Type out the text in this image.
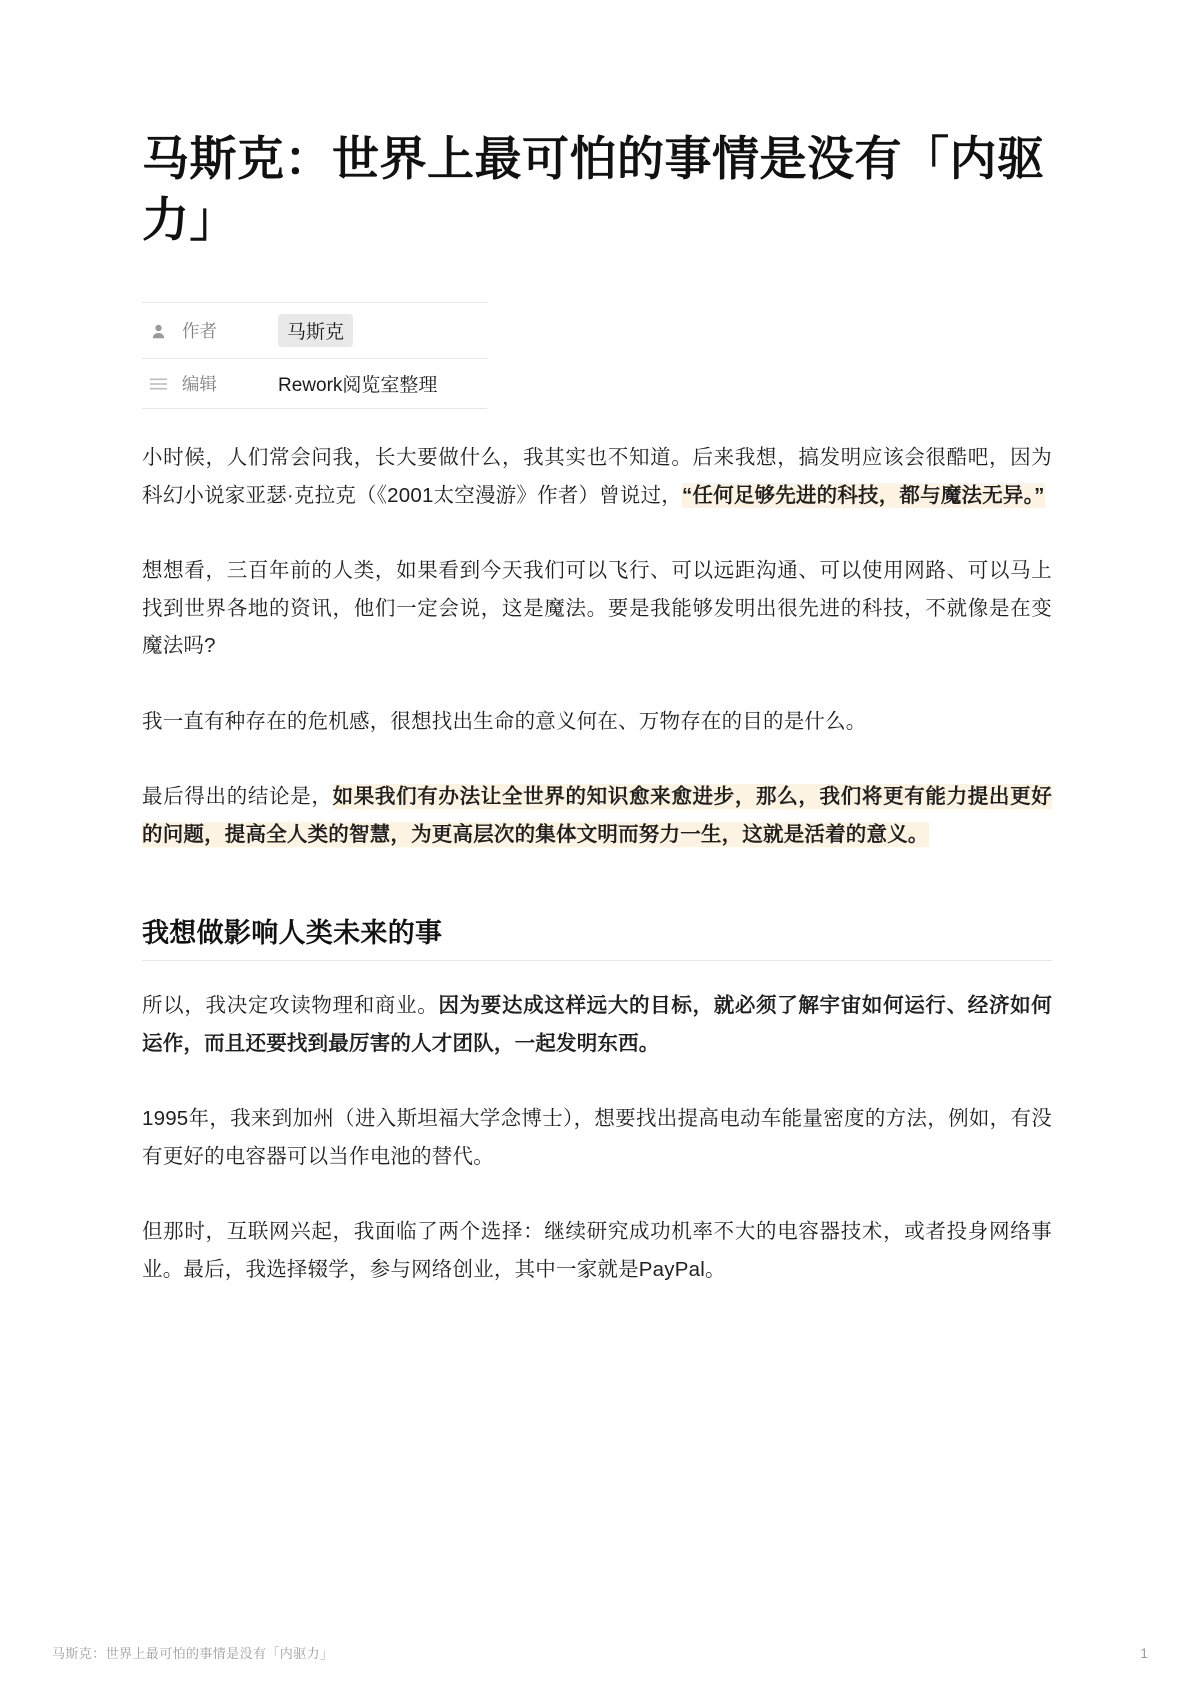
马斯克：世界上最可怕的事情是没有「内驱力」
作者	马斯克
编辑	Rework阅览室整理

小时候，人们常会问我，长大要做什么，我其实也不知道。后来我想，搞发明应该会很酷吧，因为科幻小说家亚瑟·克拉克（《2001太空漫游》作者）曾说过，“任何足够先进的科技，都与魔法无异。”

想想看，三百年前的人类，如果看到今天我们可以飞行、可以远距沟通、可以使用网路、可以马上找到世界各地的资讯，他们一定会说，这是魔法。要是我能够发明出很先进的科技，不就像是在变魔法吗?

我一直有种存在的危机感，很想找出生命的意义何在、万物存在的目的是什么。

最后得出的结论是，如果我们有办法让全世界的知识愈来愈进步，那么，我们将更有能力提出更好的问题，提高全人类的智慧，为更高层次的集体文明而努力一生，这就是活着的意义。

我想做影响人类未来的事

所以，我决定攻读物理和商业。因为要达成这样远大的目标，就必须了解宇宙如何运行、经济如何运作，而且还要找到最厉害的人才团队，一起发明东西。

1995年，我来到加州（进入斯坦福大学念博士），想要找出提高电动车能量密度的方法，例如，有没有更好的电容器可以当作电池的替代。

但那时，互联网兴起，我面临了两个选择：继续研究成功机率不大的电容器技术，或者投身网络事业。最后，我选择辍学，参与网络创业，其中一家就是PayPal。

马斯克：世界上最可怕的事情是没有「内驱力」	1
